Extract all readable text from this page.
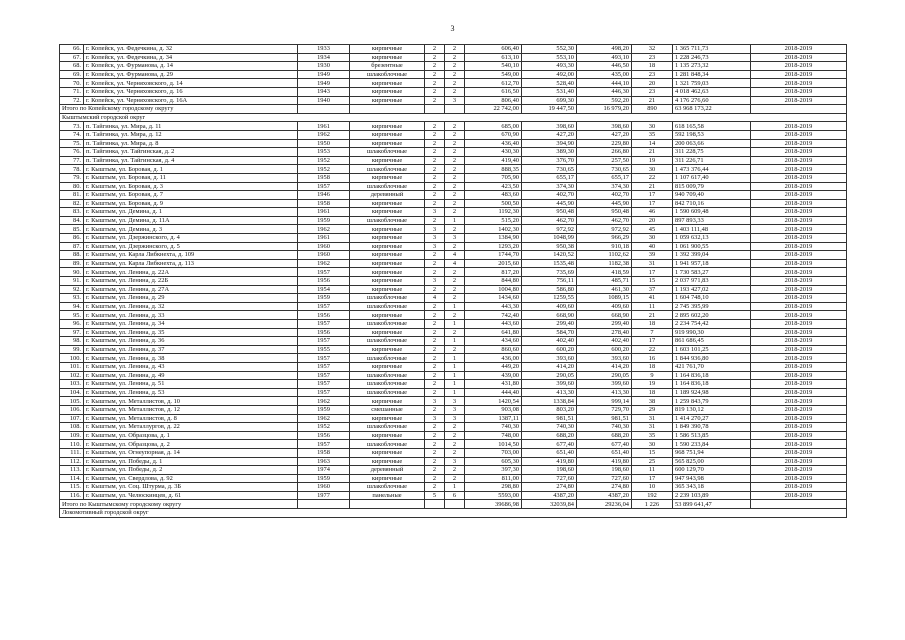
3
66.	г. Копейск, ул. Федечкина, д. 32	1933	кирпичные	2	2	606,40	552,30	498,20	32	1 365 711,73	2018-2019
67.	г. Копейск, ул. Федечкина, д. 34	1934	кирпичные	2	2	613,10	553,10	493,10	23	1 228 246,73	2018-2019
68.	г. Копейск, ул. Фурманова, д. 14	1930	брезентные	2	2	540,10	493,30	446,50	18	1 135 273,32	2018-2019
69.	г. Копейск, ул. Фурманова, д. 29	1949	шлакоблочные	2	2	549,00	492,00	435,00	23	1 281 848,34	2018-2019
70.	г. Копейск, ул. Черняховского, д. 14	1949	кирпичные	2	2	612,70	528,40	444,10	20	1 321 759,03	2018-2019
71.	г. Копейск, ул. Черняховского, д. 16	1943	кирпичные	2	2	616,50	531,40	446,30	23	4 018 462,63	2018-2019
72.	г. Копейск, ул. Черняховского, д. 16А	1940	кирпичные	2	3	806,40	699,30	592,20	21	4 176 276,60	2018-2019
Итого по Копейскому городскому округу						22 742,00	19 447,50	16 979,20	890	63 968 173,22	
Кыштымский городской округ											
73.	п. Тайгинка, ул. Мира, д. 11	1961	кирпичные	2	2	685,00	398,60	398,60	30	618 165,58	2018-2019
74.	п. Тайгинка, ул. Мира, д. 12	1962	кирпичные	2	2	670,90	427,20	427,20	35	592 198,53	2018-2019
75.	п. Тайгинка, ул. Мира, д. 8	1950	кирпичные	2	2	436,40	394,90	229,80	14	200 063,66	2018-2019
76.	п. Тайгинка, ул. Тайгинская, д. 2	1953	шлакоблочные	2	2	430,30	389,30	266,80	21	311 228,75	2018-2019
77.	п. Тайгинка, ул. Тайгинская, д. 4	1952	кирпичные	2	2	419,40	376,70	257,50	19	311 226,71	2018-2019
78.	г. Кыштым, ул. Боровая, д. 1	1952	шлакоблочные	2	2	888,35	730,65	730,65	30	1 473 376,44	2018-2019
79.	г. Кыштым, ул. Боровая, д. 11	1958	кирпичные	2	2	705,90	655,17	655,17	22	1 107 617,40	2018-2019
80.	г. Кыштым, ул. Боровая, д. 3	1957	шлакоблочные	2	2	423,50	374,30	374,30	21	815 009,79	2018-2019
81.	г. Кыштым, ул. Боровая, д. 7	1946	деревянный	2	2	483,60	402,70	402,70	17	940 709,40	2018-2019
82.	г. Кыштым, ул. Боровая, д. 9	1958	кирпичные	2	2	500,50	445,90	445,90	17	842 710,16	2018-2019
83.	г. Кыштым, ул. Демина, д. 1	1961	кирпичные	3	2	1192,30	950,48	950,48	46	1 590 609,48	2018-2019
84.	г. Кыштым, ул. Демина, д. 11А	1959	шлакоблочные	2	1	515,20	462,70	462,70	20	897 893,33	2018-2019
85.	г. Кыштым, ул. Демина, д. 3	1962	кирпичные	3	2	1402,30	972,92	972,92	45	1 403 111,48	2018-2019
86.	г. Кыштым, ул. Дзержинского, д. 4	1961	кирпичные	3	3	1384,90	1048,99	966,29	30	1 059 632,13	2018-2019
87.	г. Кыштым, ул. Дзержинского, д. 5	1960	кирпичные	3	2	1293,20	950,38	910,18	40	1 061 900,55	2018-2019
88.	г. Кыштым, ул. Карла Либкнехта, д. 109	1960	кирпичные	2	4	1744,70	1420,52	1102,62	39	1 392 399,04	2018-2019
89.	г. Кыштым, ул. Карла Либкнехта, д. 113	1962	кирпичные	2	4	2015,60	1535,48	1182,38	31	1 941 957,18	2018-2019
90.	г. Кыштым, ул. Ленина, д. 22А	1957	кирпичные	2	2	817,20	735,69	418,59	17	1 730 583,27	2018-2019
91.	г. Кыштым, ул. Ленина, д. 22Б	1956	кирпичные	3	2	844,80	756,11	485,71	15	2 037 971,83	2018-2019
92.	г. Кыштым, ул. Ленина, д. 27А	1954	кирпичные	2	2	1004,80	586,80	461,30	37	1 193 427,02	2018-2019
93.	г. Кыштым, ул. Ленина, д. 29	1959	шлакоблочные	4	2	1434,60	1259,55	1089,15	41	1 604 748,10	2018-2019
94.	г. Кыштым, ул. Ленина, д. 32	1957	шлакоблочные	2	1	443,30	409,60	409,60	11	2 745 395,99	2018-2019
95.	г. Кыштым, ул. Ленина, д. 33	1956	кирпичные	2	2	742,40	668,90	668,90	21	2 895 602,20	2018-2019
96.	г. Кыштым, ул. Ленина, д. 34	1957	шлакоблочные	2	1	443,60	299,40	299,40	18	2 234 754,42	2018-2019
97.	г. Кыштым, ул. Ленина, д. 35	1956	кирпичные	2	2	641,80	584,70	278,40	7	919 990,30	2018-2019
98.	г. Кыштым, ул. Ленина, д. 36	1957	шлакоблочные	2	1	434,60	402,40	402,40	17	861 686,45	2018-2019
99.	г. Кыштым, ул. Ленина, д. 37	1955	кирпичные	2	2	860,60	600,20	600,20	22	1 603 101,25	2018-2019
100.	г. Кыштым, ул. Ленина, д. 38	1957	шлакоблочные	2	1	436,00	393,60	393,60	16	1 844 936,80	2018-2019
101.	г. Кыштым, ул. Ленина, д. 43	1957	кирпичные	2	1	449,20	414,20	414,20	18	421 761,70	2018-2019
102.	г. Кыштым, ул. Ленина, д. 49	1957	шлакоблочные	2	1	439,00	290,05	290,05	9	1 164 836,18	2018-2019
103.	г. Кыштым, ул. Ленина, д. 51	1957	шлакоблочные	2	1	431,80	399,60	399,60	19	1 164 836,18	2018-2019
104.	г. Кыштым, ул. Ленина, д. 53	1957	шлакоблочные	2	1	444,40	413,30	413,30	18	1 189 924,98	2018-2019
105.	г. Кыштым, ул. Металлистов, д. 10	1962	кирпичные	3	3	1420,54	1338,84	999,14	38	1 259 843,79	2018-2019
106.	г. Кыштым, ул. Металлистов, д. 12	1959	смешанные	2	3	903,08	803,20	729,70	29	819 130,12	2018-2019
107.	г. Кыштым, ул. Металлистов, д. 8	1962	кирпичные	3	3	1387,11	981,51	981,51	31	1 414 270,27	2018-2019
108.	г. Кыштым, ул. Металлургов, д. 22	1952	шлакоблочные	2	2	740,30	740,30	740,30	31	1 849 390,78	2018-2019
109.	г. Кыштым, ул. Образцова, д. 1	1956	кирпичные	2	2	748,00	688,20	688,20	35	1 586 513,85	2018-2019
110.	г. Кыштым, ул. Образцова, д. 2	1957	шлакоблочные	2	2	1014,50	677,40	677,40	30	1 590 233,84	2018-2019
111.	г. Кыштым, ул. Огнеупорная, д. 14	1958	кирпичные	2	2	703,00	651,40	651,40	15	968 751,94	2018-2019
112.	г. Кыштым, ул. Победы, д. 1	1963	кирпичные	2	3	605,30	419,80	419,80	25	565 825,00	2018-2019
113.	г. Кыштым, ул. Победы, д. 2	1974	деревянный	2	2	397,30	198,60	198,60	11	600 129,70	2018-2019
114.	г. Кыштым, ул. Свердлова, д. 92	1959	кирпичные	2	2	811,00	727,60	727,60	17	947 943,98	2018-2019
115.	г. Кыштым, ул. Соц. Штурма, д. 3Б	1960	шлакоблочные	2	1	298,80	274,80	274,80	10	365 343,18	2018-2019
116.	г. Кыштым, ул. Челюскинцев, д. 61	1977	панельные	5	6	5593,00	4387,20	4387,20	192	2 239 103,89	2018-2019
Итого по Кыштымскому городскому округу						39686,98	32039,84	29236,04	1 226	53 899 641,47	
Локомотивный городской округ											
